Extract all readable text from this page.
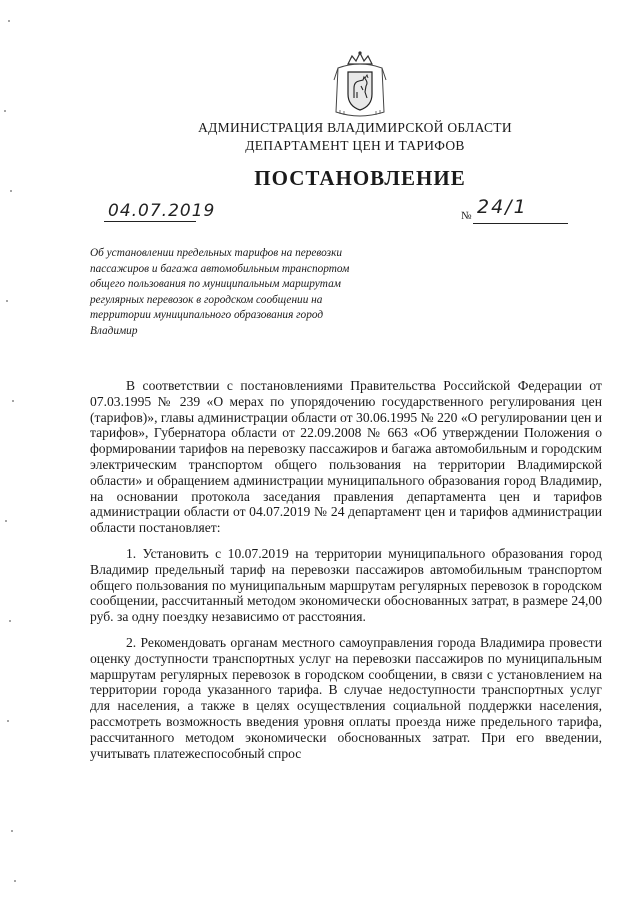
АДМИНИСТРАЦИЯ ВЛАДИМИРСКОЙ ОБЛАСТИ
ДЕПАРТАМЕНТ ЦЕН И ТАРИФОВ
ПОСТАНОВЛЕНИЕ
04.07.2019	№ 24/1
Об установлении предельных тарифов на перевозки пассажиров и багажа автомобильным транспортом общего пользования по муниципальным маршрутам регулярных перевозок в городском сообщении на территории муниципального образования город Владимир

В соответствии с постановлениями Правительства Российской Федерации от 07.03.1995 № 239 «О мерах по упорядочению государственного регулирования цен (тарифов)», главы администрации области от 30.06.1995 № 220 «О регулировании цен и тарифов», Губернатора области от 22.09.2008 № 663 «Об утверждении Положения о формировании тарифов на перевозку пассажиров и багажа автомобильным и городским электрическим транспортом общего пользования на территории Владимирской области» и обращением администрации муниципального образования город Владимир, на основании протокола заседания правления департамента цен и тарифов администрации области от 04.07.2019 № 24 департамент цен и тарифов администрации области постановляет:

1. Установить с 10.07.2019 на территории муниципального образования город Владимир предельный тариф на перевозки пассажиров автомобильным транспортом общего пользования по муниципальным маршрутам регулярных перевозок в городском сообщении, рассчитанный методом экономически обоснованных затрат, в размере 24,00 руб. за одну поездку независимо от расстояния.

2. Рекомендовать органам местного самоуправления города Владимира провести оценку доступности транспортных услуг на перевозки пассажиров по муниципальным маршрутам регулярных перевозок в городском сообщении, в связи с установлением на территории города указанного тарифа. В случае недоступности транспортных услуг для населения, а также в целях осуществления социальной поддержки населения, рассмотреть возможность введения уровня оплаты проезда ниже предельного тарифа, рассчитанного методом экономически обоснованных затрат. При его введении, учитывать платежеспособный спрос
